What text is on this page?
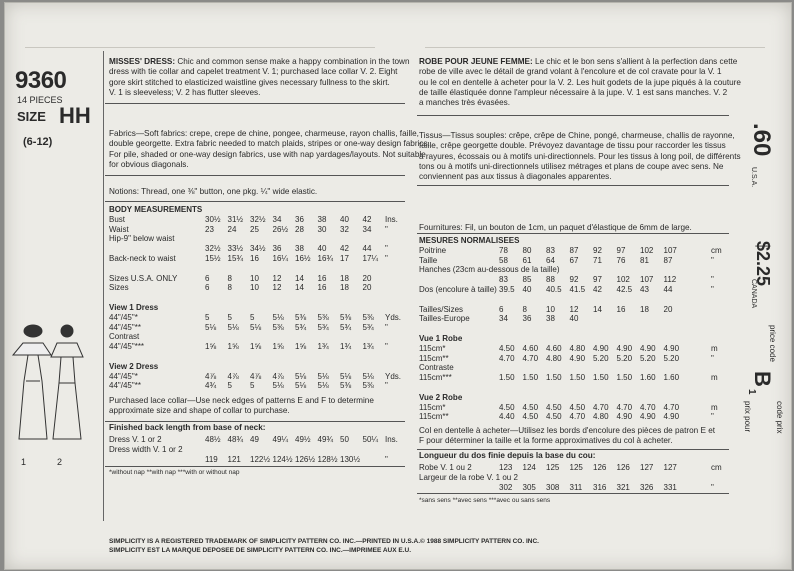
9360
14 PIECES
SIZE HH
(6-12)
1	2
MISSES' DRESS: Chic and common sense make a happy combination in the town
dress with tie collar and capelet treatment V. 1; purchased lace collar V. 2. Eight
gore skirt stitched to elasticized waistline gives necessary fullness to the skirt.
V. 1 is sleeveless; V. 2 has flutter sleeves.
Fabrics—Soft fabrics: crepe, crepe de chine, pongee, charmeuse, rayon challis, faille,
double georgette. Extra fabric needed to match plaids, stripes or one-way design fabrics.
For pile, shaded or one-way design fabrics, use with nap yardages/layouts. Not suitable
for obvious diagonals.
Notions: Thread, one ⅜" button, one pkg. ¼" wide elastic.
BODY MEASUREMENTS
Bust	30½ 31½ 32½ 34 36 38 40 42 Ins.
Waist	23 24 25 26½ 28 30 32 34 "
Hip-9" below waist
32½ 33½ 34½ 36 38 40 42 44 "
Back-neck to waist	15½ 15¾ 16 16¼ 16½ 16¾ 17 17¼ "
Sizes U.S.A. ONLY	6 8 10 12 14 16 18 20
Sizes	6 8 10 12 14 16 18 20
View 1 Dress
44"/45"*	5 5 5 5⅛ 5⅜ 5⅜ 5⅜ 5⅜ Yds.
44"/45"**	5⅛ 5⅛ 5⅛ 5⅜ 5¾ 5¾ 5¾ 5¾ "
Contrast
44"/45"***	1⅝ 1⅝ 1⅝ 1⅝ 1⅝ 1¾ 1¾ 1¾ "
View 2 Dress
44"/45"*	4⅞ 4⅞ 4⅞ 4⅞ 5⅛ 5⅛ 5⅛ 5⅛ Yds.
44"/45"**	4¾ 5 5 5⅛ 5⅛ 5⅛ 5⅜ 5⅜ "
Purchased lace collar—Use neck edges of patterns E and F to determine
approximate size and shape of collar to purchase.
Finished back length from base of neck:
Dress V. 1 or 2	48½ 48¾ 49 49¼ 49½ 49¾ 50 50¼ Ins.
Dress width V. 1 or 2
119 121 122½ 124½ 126½ 128½ 130½	"
*without nap **with nap ***with or without nap
ROBE POUR JEUNE FEMME: Le chic et le bon sens s'allient à la perfection dans cette
robe de ville avec le détail de grand volant à l'encolure et de col cravate pour la V. 1
ou le col en dentelle à acheter pour la V. 2. Les huit godets de la jupe piqués à la couture
de taille élastiquée donne l'ampleur nécessaire à la jupe. V. 1 est sans manches. V. 2
a manches très évasées.
Tissus—Tissus souples: crêpe, crêpe de Chine, pongé, charmeuse, challis de rayonne,
faille, crêpe georgette double. Prévoyez davantage de tissu pour raccorder les tissus
à rayures, écossais ou à motifs uni-directionnels. Pour les tissus à long poil, de différents
tons ou à motifs uni-directionnels utilisez métrages et plans de coupe avec sens. Ne
conviennent pas aux tissus à diagonales apparentes.
Fournitures: Fil, un bouton de 1cm, un paquet d'élastique de 6mm de large.
MESURES NORMALISEES
Poitrine	78 80 83 87 92 97 102 107	cm
Taille	58 61 64 67 71 76 81 87	"
Hanches (23cm au-dessous de la taille)
83 85 88 92 97 102 107 112	"
Dos (encolure à taille) 39.5 40 40.5 41.5 42 42.5 43 44	"
Tailles/Sizes	6 8 10 12 14 16 18 20
Tailles-Europe	34 36 38 40
Vue 1 Robe
115cm*	4.50 4.60 4.60 4.80 4.90 4.90 4.90 4.90	m
115cm**	4.70 4.70 4.80 4.90 5.20 5.20 5.20 5.20	"
Contraste
115cm***	1.50 1.50 1.50 1.50 1.50 1.50 1.60 1.60	m
Vue 2 Robe
115cm*	4.50 4.50 4.50 4.50 4.70 4.70 4.70 4.70	m
115cm**	4.40 4.50 4.50 4.70 4.80 4.90 4.90 4.90	"
Col en dentelle à acheter—Utilisez les bords d'encolure des pièces de patron E et
F pour déterminer la taille et la forme approximatives du col à acheter.
Longueur du dos finie depuis la base du cou:
Robe V. 1 ou 2	123 124 125 125 126 126 127 127	cm
Largeur de la robe V. 1 ou 2
302 305 308 311 316 321 326 331	"
*sans sens **avec sens ***avec ou sans sens
.60
U.S.A.
$2.25
CANADA
price code
B
1
code prix
prix pour
SIMPLICITY IS A REGISTERED TRADEMARK OF SIMPLICITY PATTERN CO. INC.—PRINTED IN U.S.A.© 1988 SIMPLICITY PATTERN CO. INC.
SIMPLICITY EST LA MARQUE DEPOSEE DE SIMPLICITY PATTERN CO. INC.—IMPRIMEE AUX E.U.
